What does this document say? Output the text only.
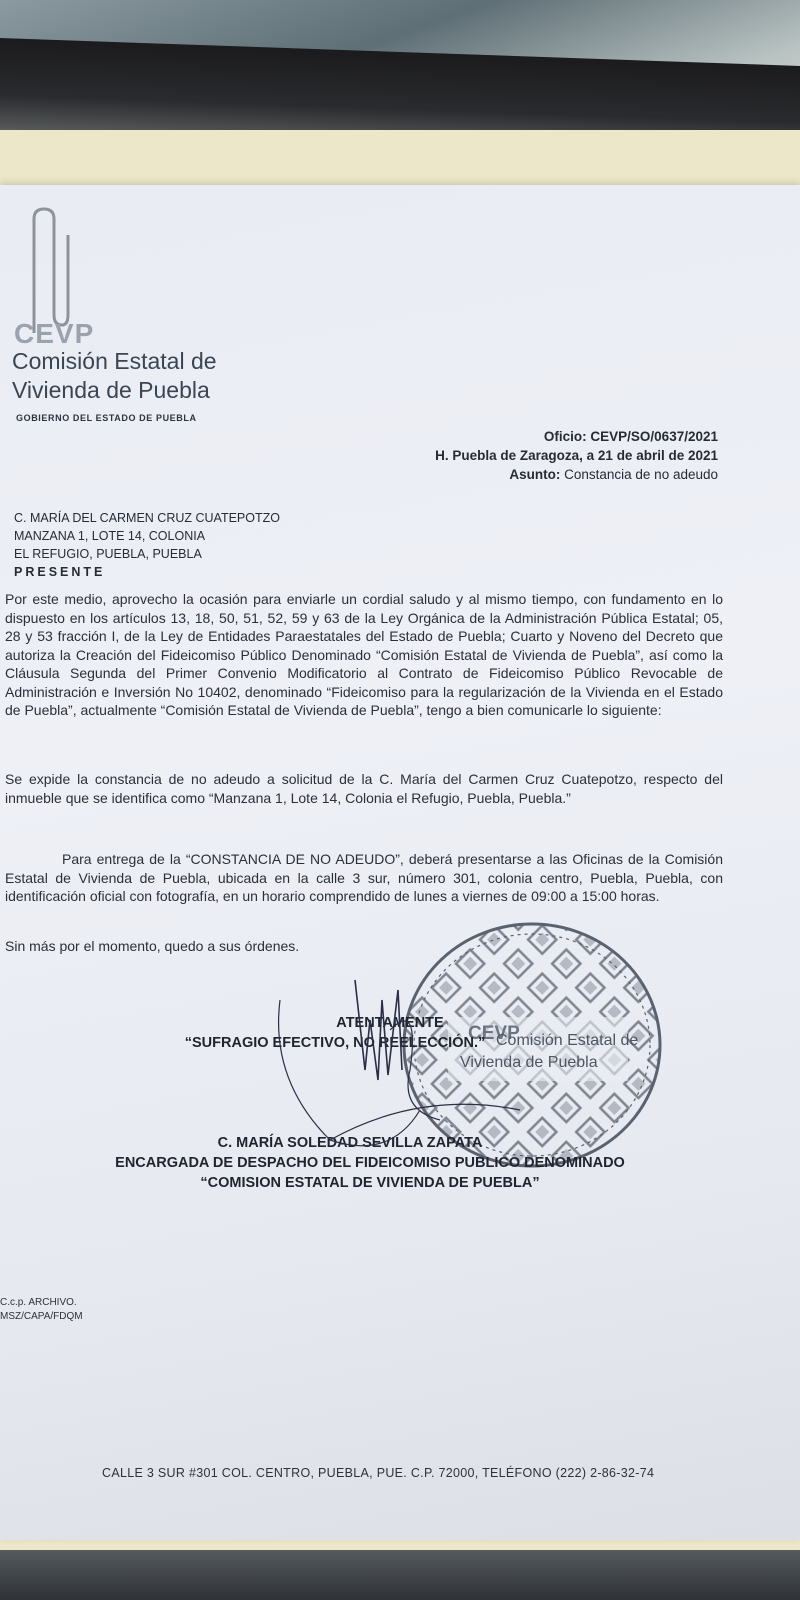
CEVP
Comisión Estatal de
Vivienda de Puebla
GOBIERNO DEL ESTADO DE PUEBLA
Oficio: CEVP/SO/0637/2021
H. Puebla de Zaragoza, a 21 de abril de 2021
Asunto: Constancia de no adeudo
C. MARÍA DEL CARMEN CRUZ CUATEPOTZO
MANZANA 1, LOTE 14, COLONIA
EL REFUGIO, PUEBLA, PUEBLA
PRESENTE
Por este medio, aprovecho la ocasión para enviarle un cordial saludo y al mismo tiempo, con fundamento en lo dispuesto en los artículos 13, 18, 50, 51, 52, 59 y 63 de la Ley Orgánica de la Administración Pública Estatal; 05, 28 y 53 fracción I, de la Ley de Entidades Paraestatales del Estado de Puebla; Cuarto y Noveno del Decreto que autoriza la Creación del Fideicomiso Público Denominado “Comisión Estatal de Vivienda de Puebla”, así como la Cláusula Segunda del Primer Convenio Modificatorio al Contrato de Fideicomiso Público Revocable de Administración e Inversión No 10402, denominado “Fideicomiso para la regularización de la Vivienda en el Estado de Puebla”, actualmente “Comisión Estatal de Vivienda de Puebla”, tengo a bien comunicarle lo siguiente:
Se expide la constancia de no adeudo a solicitud de la C. María del Carmen Cruz Cuatepotzo, respecto del inmueble que se identifica como “Manzana 1, Lote 14, Colonia el Refugio, Puebla, Puebla.”
Para entrega de la “CONSTANCIA DE NO ADEUDO”, deberá presentarse a las Oficinas de la Comisión Estatal de Vivienda de Puebla, ubicada en la calle 3 sur, número 301, colonia centro, Puebla, Puebla, con identificación oficial con fotografía, en un horario comprendido de lunes a viernes de 09:00 a 15:00 horas.
Sin más por el momento, quedo a sus órdenes.
CEVP
Comisión Estatal de
Vivienda de Puebla
ATENTAMENTE
“SUFRAGIO EFECTIVO, NO REELECCIÓN.”
C. MARÍA SOLEDAD SEVILLA ZAPATA
ENCARGADA DE DESPACHO DEL FIDEICOMISO PUBLICO DENOMINADO
“COMISION ESTATAL DE VIVIENDA DE PUEBLA”
C.c.p. ARCHIVO.
MSZ/CAPA/FDQM
CALLE 3 SUR #301 COL. CENTRO, PUEBLA, PUE. C.P. 72000, TELÉFONO (222) 2-86-32-74
